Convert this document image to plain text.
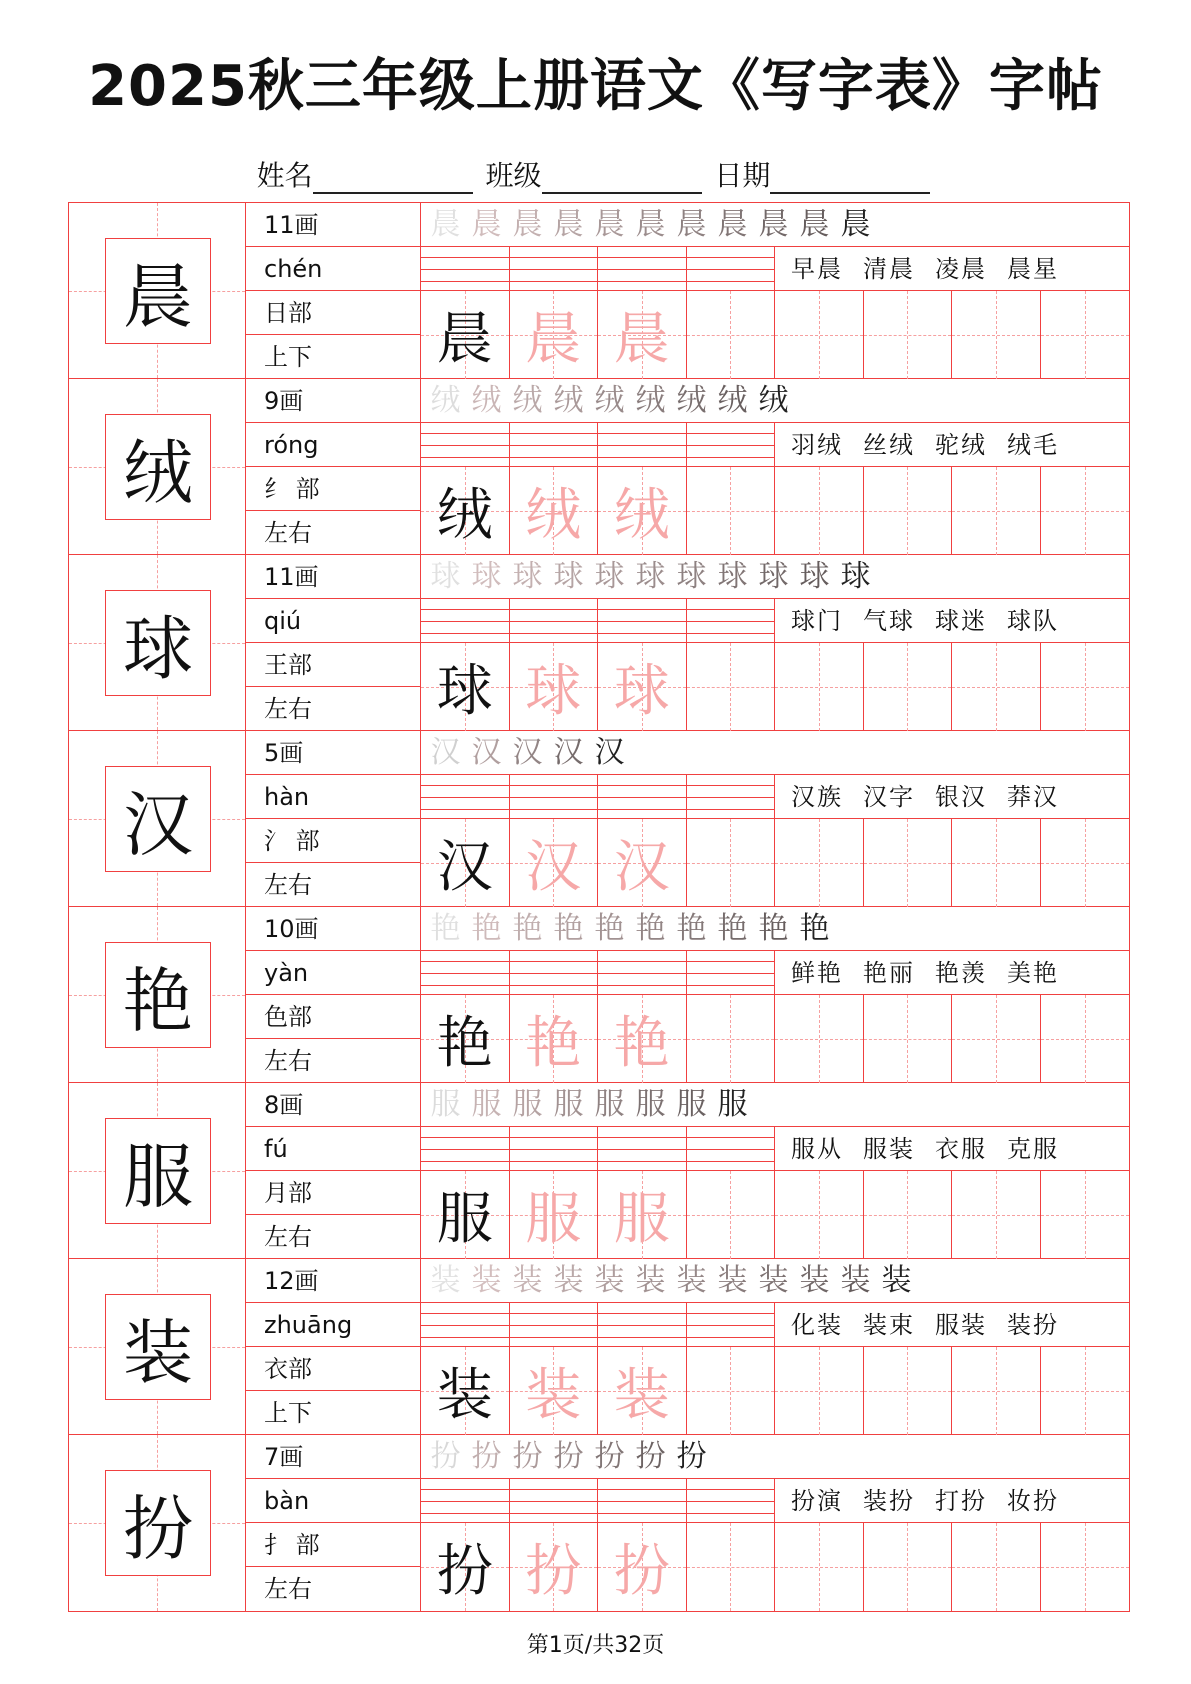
2025秋三年级上册语文《写字表》字帖
姓名	班级	日期
晨
11画
chén
日部
上下
晨 晨 晨 晨 晨 晨 晨 晨 晨 晨 晨
早晨 清晨 凌晨 晨星
晨 晨 晨
绒
9画
róng
纟 部
左右
绒 绒 绒 绒 绒 绒 绒 绒 绒
羽绒 丝绒 驼绒 绒毛
绒 绒 绒
球
11画
qiú
王部
左右
球 球 球 球 球 球 球 球 球 球 球
球门 气球 球迷 球队
球 球 球
汉
5画
hàn
氵 部
左右
汉 汉 汉 汉 汉
汉族 汉字 银汉 莽汉
汉 汉 汉
艳
10画
yàn
色部
左右
艳 艳 艳 艳 艳 艳 艳 艳 艳 艳
鲜艳 艳丽 艳羡 美艳
艳 艳 艳
服
8画
fú
月部
左右
服 服 服 服 服 服 服 服
服从 服装 衣服 克服
服 服 服
装
12画
zhuāng
衣部
上下
装 装 装 装 装 装 装 装 装 装 装 装
化装 装束 服装 装扮
装 装 装
扮
7画
bàn
扌 部
左右
扮 扮 扮 扮 扮 扮 扮
扮演 装扮 打扮 妆扮
扮 扮 扮
第1页/共32页
